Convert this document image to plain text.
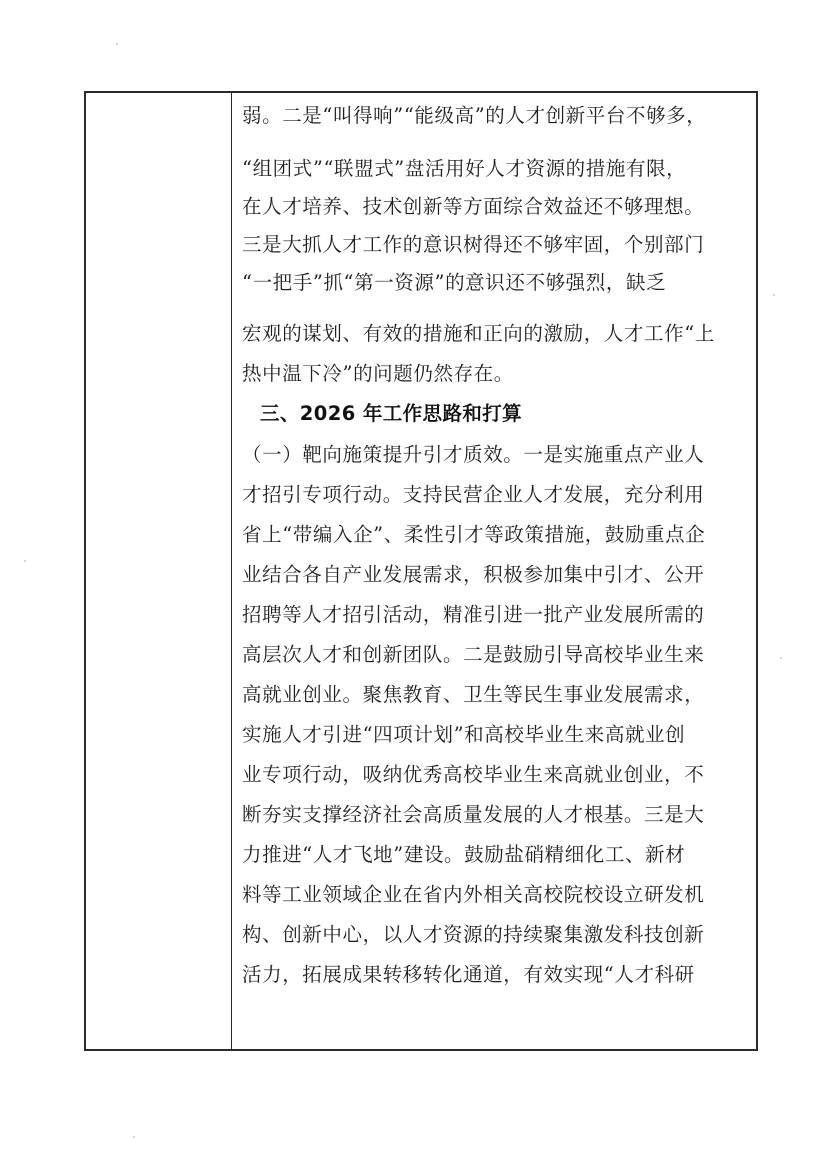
弱。二是“叫得响”“能级高”的人才创新平台不够多，
“组团式”“联盟式”盘活用好人才资源的措施有限，
在人才培养、技术创新等方面综合效益还不够理想。
三是大抓人才工作的意识树得还不够牢固，个别部门
“一把手”抓“第一资源”的意识还不够强烈，缺乏
宏观的谋划、有效的措施和正向的激励，人才工作“上
热中温下冷”的问题仍然存在。
三、2026 年工作思路和打算
（一）靶向施策提升引才质效。一是实施重点产业人
才招引专项行动。支持民营企业人才发展，充分利用
省上“带编入企”、柔性引才等政策措施，鼓励重点企
业结合各自产业发展需求，积极参加集中引才、公开
招聘等人才招引活动，精准引进一批产业发展所需的
高层次人才和创新团队。二是鼓励引导高校毕业生来
高就业创业。聚焦教育、卫生等民生事业发展需求，
实施人才引进“四项计划”和高校毕业生来高就业创
业专项行动，吸纳优秀高校毕业生来高就业创业，不
断夯实支撑经济社会高质量发展的人才根基。三是大
力推进“人才飞地”建设。鼓励盐硝精细化工、新材
料等工业领域企业在省内外相关高校院校设立研发机
构、创新中心，以人才资源的持续聚集激发科技创新
活力，拓展成果转移转化通道，有效实现“人才科研
